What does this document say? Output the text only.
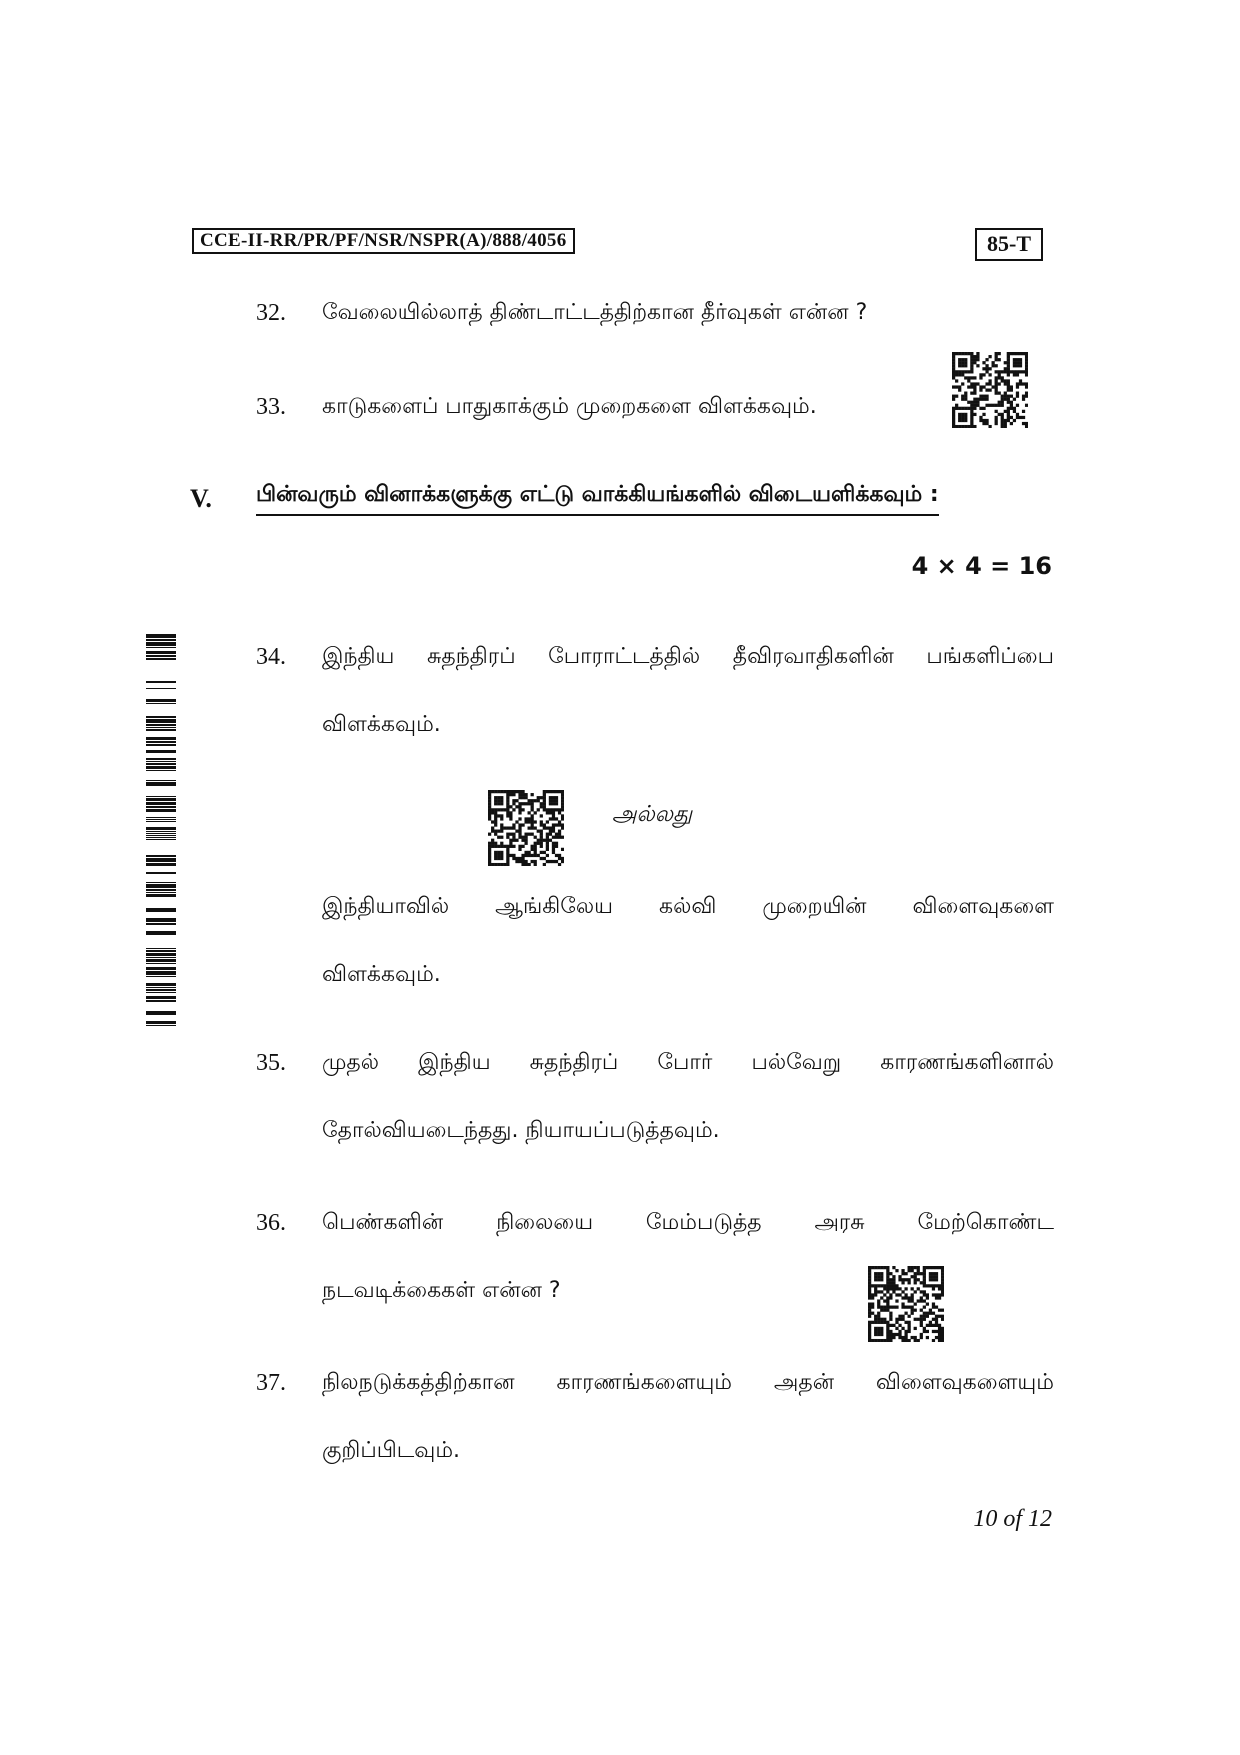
CCE-II-RR/PR/PF/NSR/NSPR(A)/888/4056	85-T
32. வேலையில்லாத் திண்டாட்டத்திற்கான தீர்வுகள் என்ன ?
33. காடுகளைப் பாதுகாக்கும் முறைகளை விளக்கவும்.
V. பின்வரும் வினாக்களுக்கு எட்டு வாக்கியங்களில் விடையளிக்கவும் :
4 × 4 = 16
34. இந்திய சுதந்திரப் போராட்டத்தில் தீவிரவாதிகளின் பங்களிப்பை
விளக்கவும்.
அல்லது
இந்தியாவில் ஆங்கிலேய கல்வி முறையின் விளைவுகளை
விளக்கவும்.
35. முதல் இந்திய சுதந்திரப் போர் பல்வேறு காரணங்களினால்
தோல்வியடைந்தது. நியாயப்படுத்தவும்.
36. பெண்களின் நிலையை மேம்படுத்த அரசு மேற்கொண்ட
நடவடிக்கைகள் என்ன ?
37. நிலநடுக்கத்திற்கான காரணங்களையும் அதன் விளைவுகளையும்
குறிப்பிடவும்.
10 of 12
